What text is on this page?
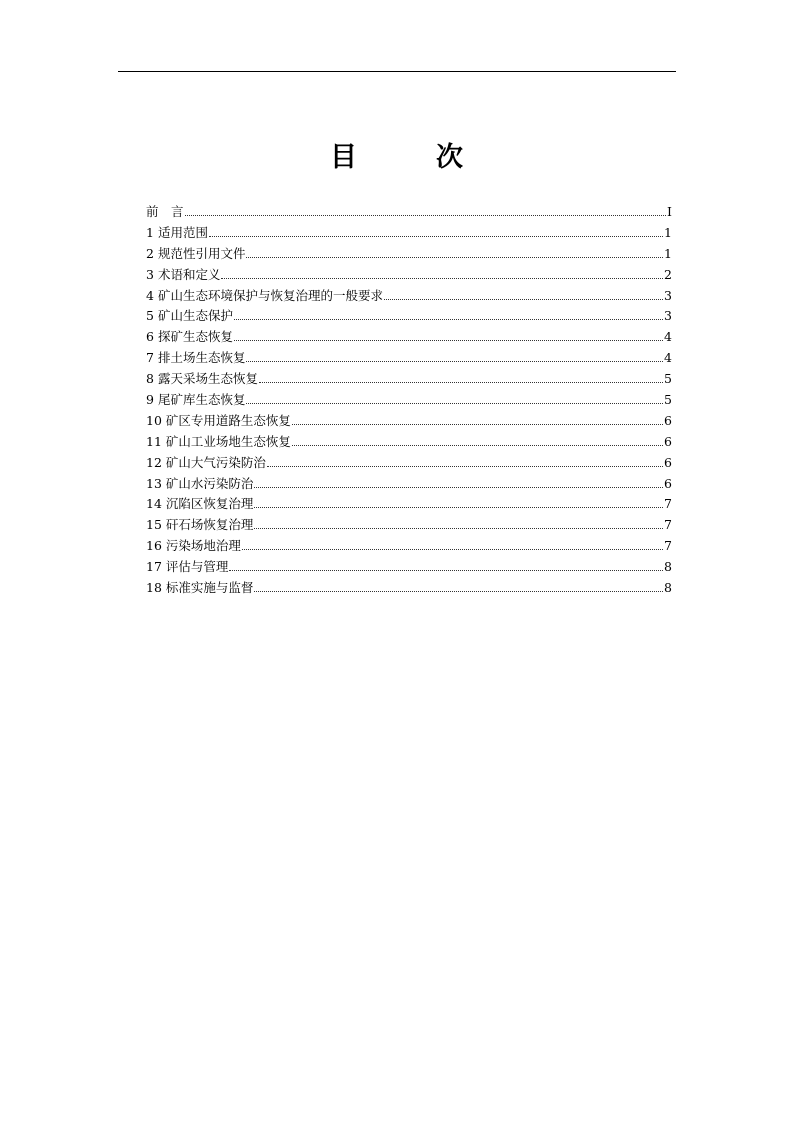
目　次
前　言	I
1 适用范围	1
2 规范性引用文件	1
3 术语和定义	2
4 矿山生态环境保护与恢复治理的一般要求	3
5 矿山生态保护	3
6 探矿生态恢复	4
7 排土场生态恢复	4
8 露天采场生态恢复	5
9 尾矿库生态恢复	5
10 矿区专用道路生态恢复	6
11 矿山工业场地生态恢复	6
12 矿山大气污染防治	6
13 矿山水污染防治	6
14 沉陷区恢复治理	7
15 矸石场恢复治理	7
16 污染场地治理	7
17 评估与管理	8
18 标准实施与监督	8
